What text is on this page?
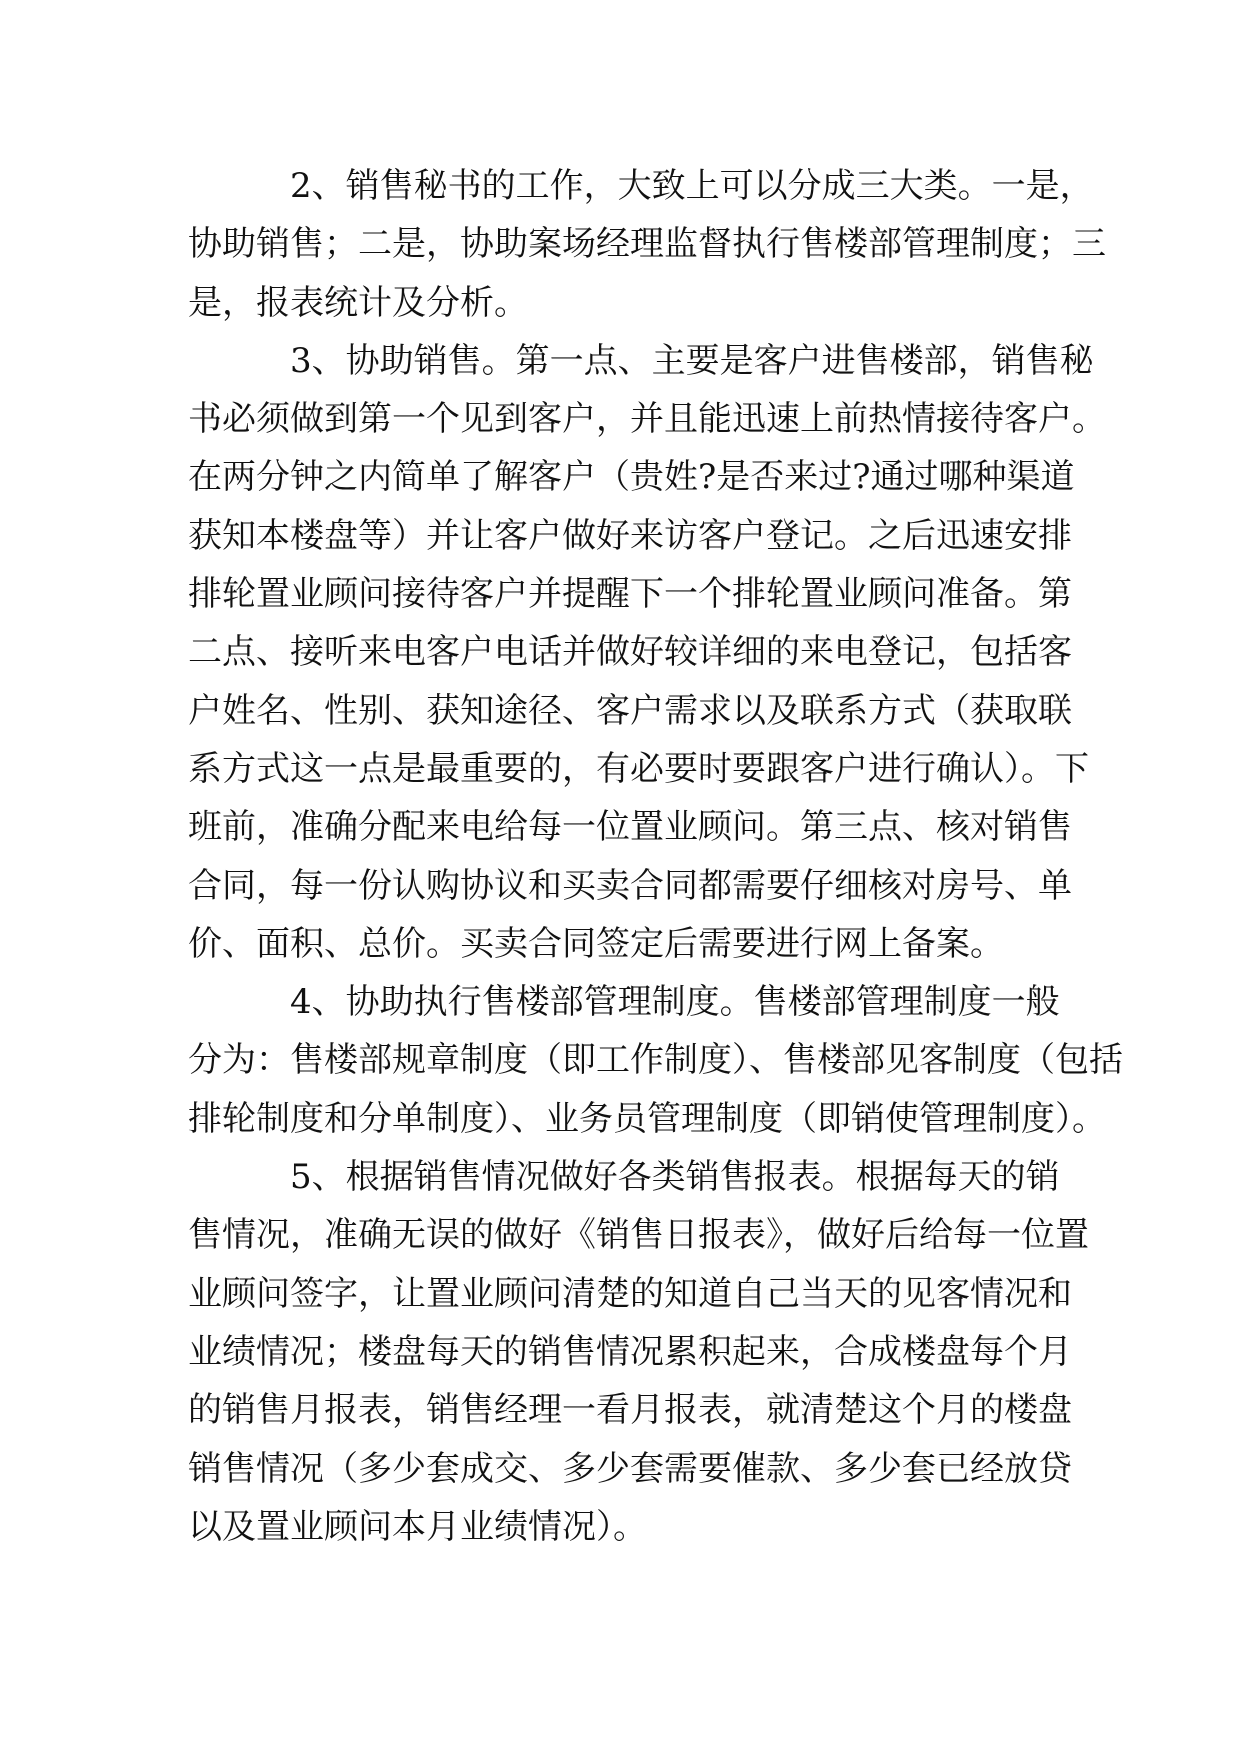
2、销售秘书的工作，大致上可以分成三大类。一是，
协助销售；二是，协助案场经理监督执行售楼部管理制度；三
是，报表统计及分析。
3、协助销售。第一点、主要是客户进售楼部，销售秘
书必须做到第一个见到客户，并且能迅速上前热情接待客户。
在两分钟之内简单了解客户（贵姓?是否来过?通过哪种渠道
获知本楼盘等）并让客户做好来访客户登记。之后迅速安排
排轮置业顾问接待客户并提醒下一个排轮置业顾问准备。第
二点、接听来电客户电话并做好较详细的来电登记，包括客
户姓名、性别、获知途径、客户需求以及联系方式（获取联
系方式这一点是最重要的，有必要时要跟客户进行确认）。下
班前，准确分配来电给每一位置业顾问。第三点、核对销售
合同，每一份认购协议和买卖合同都需要仔细核对房号、单
价、面积、总价。买卖合同签定后需要进行网上备案。
4、协助执行售楼部管理制度。售楼部管理制度一般
分为：售楼部规章制度（即工作制度）、售楼部见客制度（包括
排轮制度和分单制度）、业务员管理制度（即销使管理制度）。
5、根据销售情况做好各类销售报表。根据每天的销
售情况，准确无误的做好《销售日报表》，做好后给每一位置
业顾问签字，让置业顾问清楚的知道自己当天的见客情况和
业绩情况；楼盘每天的销售情况累积起来，合成楼盘每个月
的销售月报表，销售经理一看月报表，就清楚这个月的楼盘
销售情况（多少套成交、多少套需要催款、多少套已经放贷
以及置业顾问本月业绩情况）。
